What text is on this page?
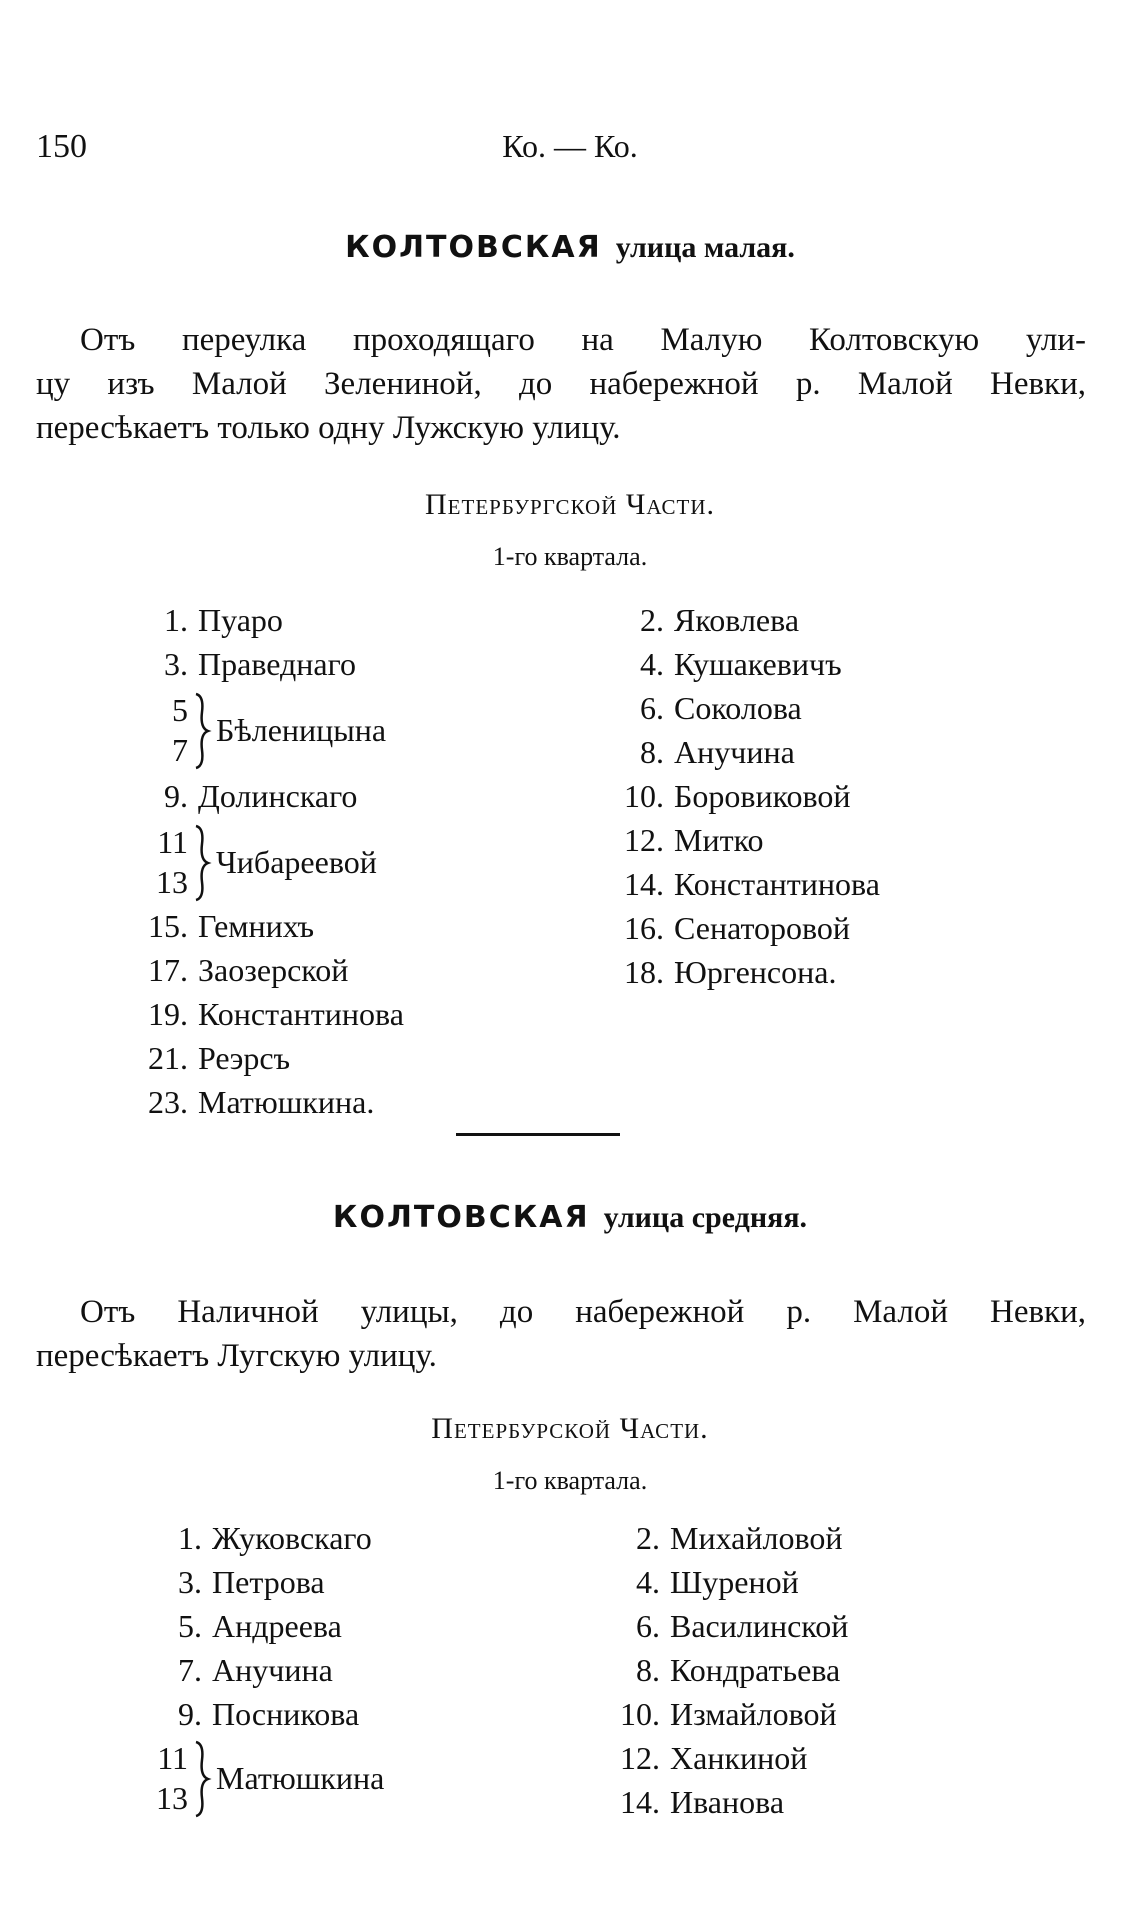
150	Ко. — Ко.
КОЛТОВСКАЯ улица малая.
Отъ переулка проходящаго на Малую Колтовскую ули-
цу изъ Малой Зелениной, до набережной р. Малой Невки,
пересѣкаетъ только одну Лужскую улицу.
Петербургской Части.
1-го квартала.
1. Пуаро
3. Праведнаго
5
7
Бѣленицына
9. Долинскаго
11
13
Чибареевой
15. Гемнихъ
17. Заозерской
19. Константинова
21. Реэрсъ
23. Матюшкина.
2. Яковлева
4. Кушакевичъ
6. Соколова
8. Анучина
10. Боровиковой
12. Митко
14. Константинова
16. Сенаторовой
18. Юргенсона.
КОЛТОВСКАЯ улица средняя.
Отъ Наличной улицы, до набережной р. Малой Невки,
пересѣкаетъ Лугскую улицу.
Петербурской Части.
1-го квартала.
1. Жуковскаго
3. Петрова
5. Андреева
7. Анучина
9. Посникова
11
13
Матюшкина
2. Михайловой
4. Шуреной
6. Василинской
8. Кондратьева
10. Измайловой
12. Ханкиной
14. Иванова
